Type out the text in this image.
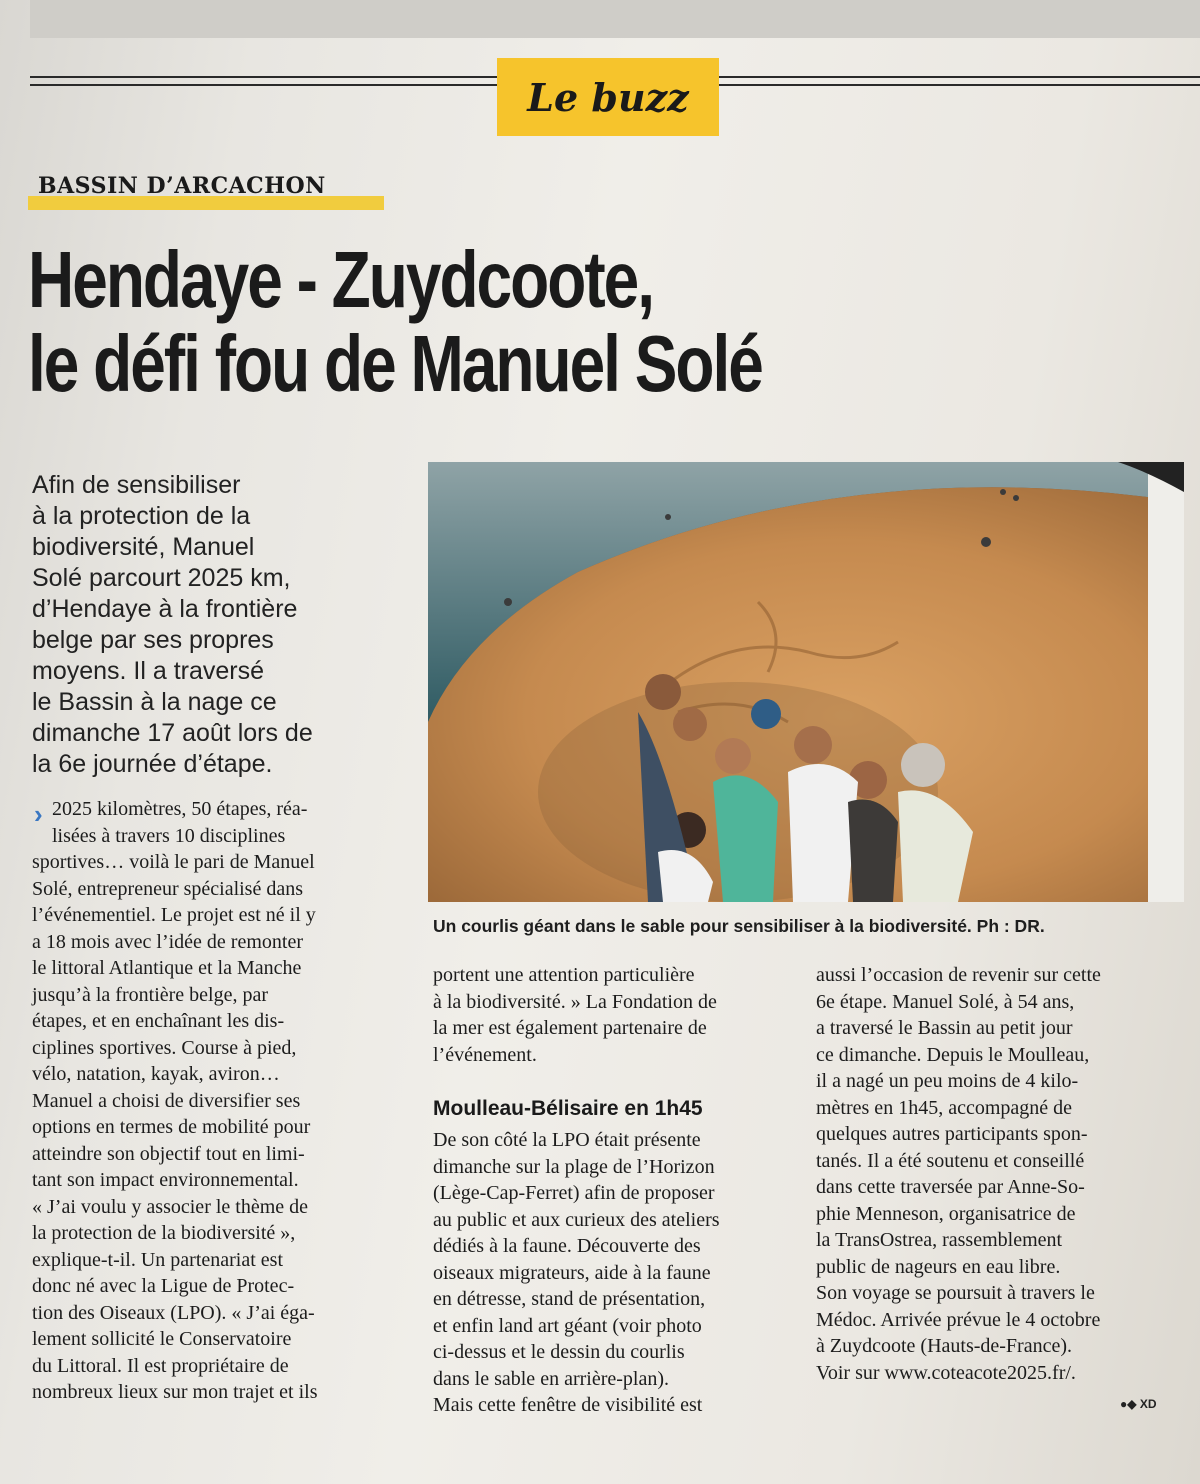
Le buzz
BASSIN D’ARCACHON
Hendaye - Zuydcoote,
le défi fou de Manuel Solé

Afin de sensibiliser
à la protection de la
biodiversité, Manuel
Solé parcourt 2025 km,
d’Hendaye à la frontière
belge par ses propres
moyens. Il a traversé
le Bassin à la nage ce
dimanche 17 août lors de
la 6e journée d’étape.

Un courlis géant dans le sable pour sensibiliser à la biodiversité. Ph : DR.
› 2025 kilomètres, 50 étapes, réa-
lisées à travers 10 disciplines
sportives… voilà le pari de Manuel
Solé, entrepreneur spécialisé dans
l’événementiel. Le projet est né il y
a 18 mois avec l’idée de remonter
le littoral Atlantique et la Manche
jusqu’à la frontière belge, par
étapes, et en enchaînant les dis-
ciplines sportives. Course à pied,
vélo, natation, kayak, aviron…
Manuel a choisi de diversifier ses
options en termes de mobilité pour
atteindre son objectif tout en limi-
tant son impact environnemental.
« J’ai voulu y associer le thème de
la protection de la biodiversité »,
explique-t-il. Un partenariat est
donc né avec la Ligue de Protec-
tion des Oiseaux (LPO). « J’ai éga-
lement sollicité le Conservatoire
du Littoral. Il est propriétaire de
nombreux lieux sur mon trajet et ils
portent une attention particulière
à la biodiversité. » La Fondation de
la mer est également partenaire de
l’événement.
Moulleau-Bélisaire en 1h45
De son côté la LPO était présente
dimanche sur la plage de l’Horizon
(Lège-Cap-Ferret) afin de proposer
au public et aux curieux des ateliers
dédiés à la faune. Découverte des
oiseaux migrateurs, aide à la faune
en détresse, stand de présentation,
et enfin land art géant (voir photo
ci-dessus et le dessin du courlis
dans le sable en arrière-plan).
Mais cette fenêtre de visibilité est
aussi l’occasion de revenir sur cette
6e étape. Manuel Solé, à 54 ans,
a traversé le Bassin au petit jour
ce dimanche. Depuis le Moulleau,
il a nagé un peu moins de 4 kilo-
mètres en 1h45, accompagné de
quelques autres participants spon-
tanés. Il a été soutenu et conseillé
dans cette traversée par Anne-So-
phie Menneson, organisatrice de
la TransOstrea, rassemblement
public de nageurs en eau libre.
Son voyage se poursuit à travers le
Médoc. Arrivée prévue le 4 octobre
à Zuydcoote (Hauts-de-France).
Voir sur www.coteacote2025.fr/.
●◆ XD
